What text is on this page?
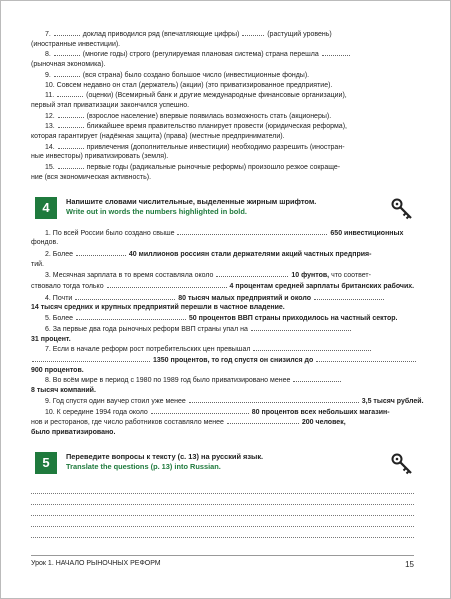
7.	доклад приводился ряд (впечатляющие цифры)	(растущий уровень)
(иностранные инвестиции).
8.	(многие годы) строго (регулируемая плановая система) страна перешла
(рыночная экономика).
9.	(вся страна) было создано большое число (инвестиционные фонды).
10. Совсем недавно он стал (держатель) (акции) (это приватизированное предприятие).
11.	(оценки) (Всемирный банк и другие международные финансовые организации),
первый этап приватизации закончился успешно.
12.	(взрослое население) впервые появилась возможность стать (акционеры).
13.	ближайшее время правительство планирует провести (юридическая реформа),
которая гарантирует (надёжная защита) (права) (местные предприниматели).
14.	привлечения (дополнительные инвестиции) необходимо разрешить (иностран-
ные инвесторы) приватизировать (земля).
15.	первые годы (радикальные рыночные реформы) произошло резкое сокраще-
ние (вся экономическая активность).
4	Напишите словами числительные, выделенные жирным шрифтом.
Write out in words the numbers highlighted in bold.
1. По всей России было создано свыше	650 инвестиционных
фондов.
2. Более	40 миллионов россиян стали держателями акций частных предприя-
тий.
3. Месячная зарплата в то время составляла около	10 фунтов, что соответ-
ствовало тогда только	4 процентам средней зарплаты британских рабочих.
4. Почти	80 тысяч малых предприятий и около
14 тысяч средних и крупных предприятий перешли в частное владение.
5. Более	50 процентов ВВП страны приходилось на частный сектор.
6. За первые два года рыночных реформ ВВП страны упал на
31 процент.
7. Если в начале реформ рост потребительских цен превышал
1350 процентов, то год спустя он снизился до
900 процентов.
8. Во всём мире в период с 1980 по 1989 год было приватизировано менее
8 тысяч компаний.
9. Год спустя один ваучер стоил уже менее	3,5 тысяч рублей.
10. К середине 1994 года около	80 процентов всех небольших магазин-
нов и ресторанов, где число работников составляло менее	200 человек,
было приватизировано.
5	Переведите вопросы к тексту (с. 13) на русский язык.
Translate the questions (p. 13) into Russian.
Урок 1. НАЧАЛО РЫНОЧНЫХ РЕФОРМ	15
